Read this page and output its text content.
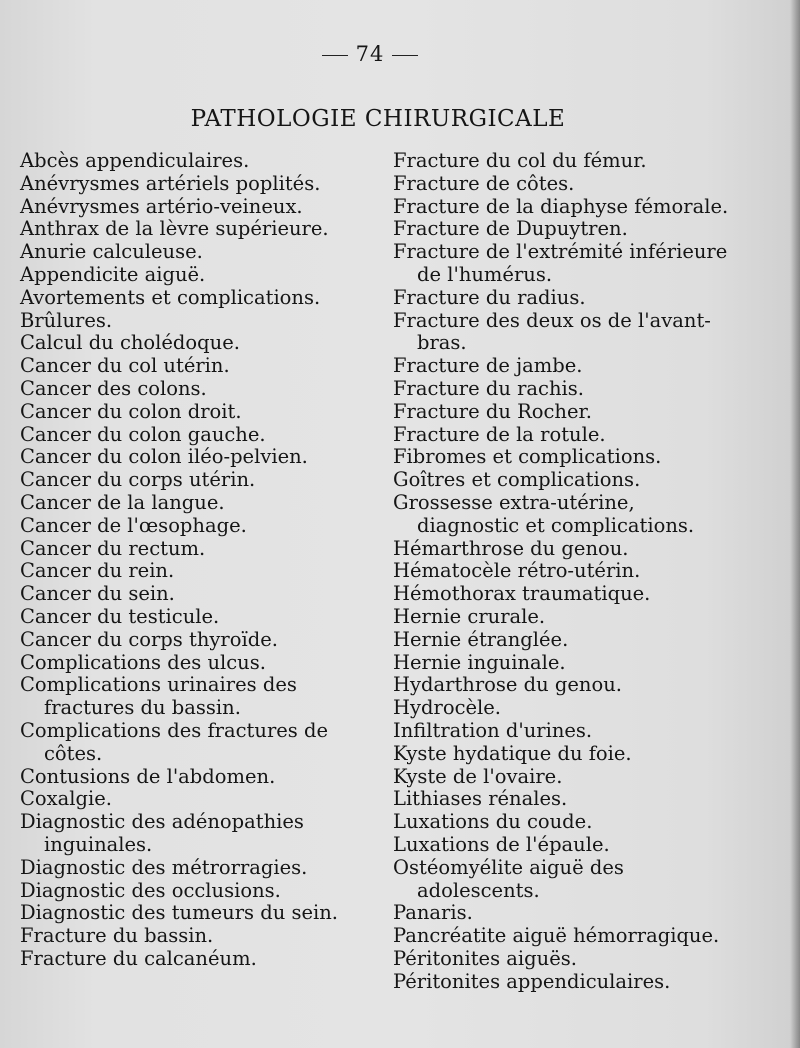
74
PATHOLOGIE CHIRURGICALE
Abcès appendiculaires.
Anévrysmes artériels poplités.
Anévrysmes artério-veineux.
Anthrax de la lèvre supérieure.
Anurie calculeuse.
Appendicite aiguë.
Avortements et complications.
Brûlures.
Calcul du cholédoque.
Cancer du col utérin.
Cancer des colons.
Cancer du colon droit.
Cancer du colon gauche.
Cancer du colon iléo-pelvien.
Cancer du corps utérin.
Cancer de la langue.
Cancer de l'œsophage.
Cancer du rectum.
Cancer du rein.
Cancer du sein.
Cancer du testicule.
Cancer du corps thyroïde.
Complications des ulcus.
Complications urinaires des fractures du bassin.
Complications des fractures de côtes.
Contusions de l'abdomen.
Coxalgie.
Diagnostic des adénopathies inguinales.
Diagnostic des métrorragies.
Diagnostic des occlusions.
Diagnostic des tumeurs du sein.
Fracture du bassin.
Fracture du calcanéum.
Fracture du col du fémur.
Fracture de côtes.
Fracture de la diaphyse fémorale.
Fracture de Dupuytren.
Fracture de l'extrémité inférieure de l'humérus.
Fracture du radius.
Fracture des deux os de l'avant-bras.
Fracture de jambe.
Fracture du rachis.
Fracture du Rocher.
Fracture de la rotule.
Fibromes et complications.
Goîtres et complications.
Grossesse extra-utérine, diagnostic et complications.
Hémarthrose du genou.
Hématocèle rétro-utérin.
Hémothorax traumatique.
Hernie crurale.
Hernie étranglée.
Hernie inguinale.
Hydarthrose du genou.
Hydrocèle.
Infiltration d'urines.
Kyste hydatique du foie.
Kyste de l'ovaire.
Lithiases rénales.
Luxations du coude.
Luxations de l'épaule.
Ostéomyélite aiguë des adolescents.
Panaris.
Pancréatite aiguë hémorragique.
Péritonites aiguës.
Péritonites appendiculaires.
